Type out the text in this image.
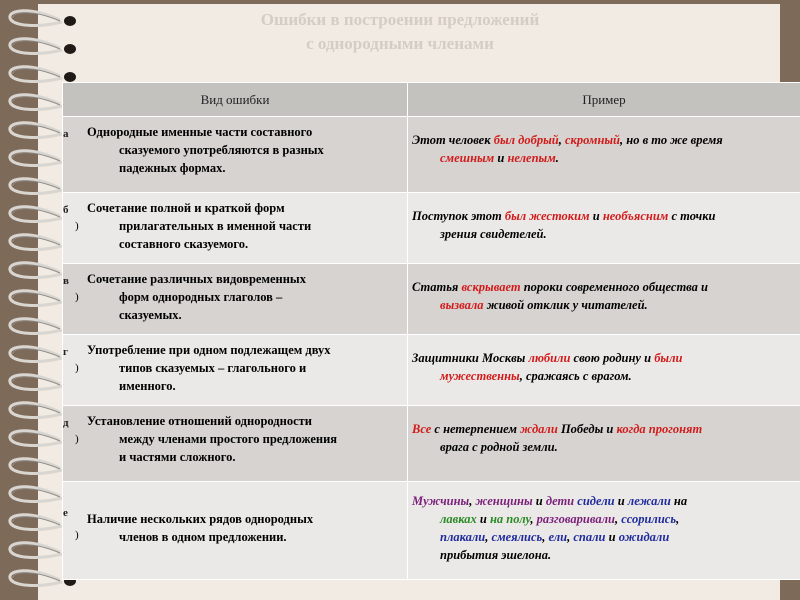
Ошибки в построении предложений
с однородными членами
Вид ошибки	Пример

а Однородные именные части составного
сказуемого употребляются в разных
падежных формах.	Этот человек был добрый, скромный, но в то же время
смешным и нелепым.

б
)
Сочетание полной и краткой форм
прилагательных в именной части
составного сказуемого.	Поступок этот был жестоким и необъясним с точки
зрения свидетелей.

в
)
Сочетание различных видовременных
форм однородных глаголов –
сказуемых.	Статья вскрывает пороки современного общества и
вызвала живой отклик у читателей.

г
)
Употребление при одном подлежащем двух
типов сказуемых – глагольного и
именного.	Защитники Москвы любили свою родину и были
мужественны, сражаясь с врагом.

д
)
Установление отношений однородности
между членами простого предложения
и частями сложного.	Все с нетерпением ждали Победы и когда прогонят
врага с родной земли.

е
)
Наличие нескольких рядов однородных
членов в одном предложении.	Мужчины, женщины и дети сидели и лежали на
лавках и на полу, разговаривали, ссорились,
плакали, смеялись, ели, спали и ожидали
прибытия эшелона.
